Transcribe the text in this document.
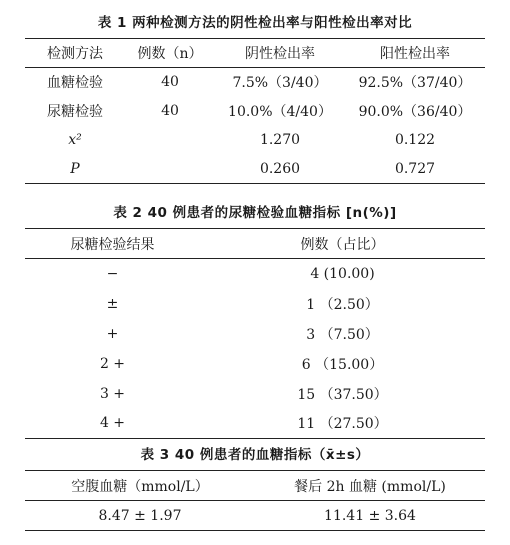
表 1 两种检测方法的阴性检出率与阳性检出率对比
检测方法	例数（n）	阴性检出率	阳性检出率
血糖检验	40	7.5%（3/40）	92.5%（37/40）
尿糖检验	40	10.0%（4/40）	90.0%（36/40）
x²		1.270	0.122
P		0.260	0.727
表 2 40 例患者的尿糖检验血糖指标 [n(%)]
尿糖检验结果	例数（占比）
−	4 (10.00)
±	1 （2.50）
+	3 （7.50）
2 +	6 （15.00）
3 +	15 （37.50）
4 +	11 （27.50）
表 3 40 例患者的血糖指标（x̄±s）
空腹血糖（mmol/L）	餐后 2h 血糖 (mmol/L)
8.47 ± 1.97	11.41 ± 3.64
